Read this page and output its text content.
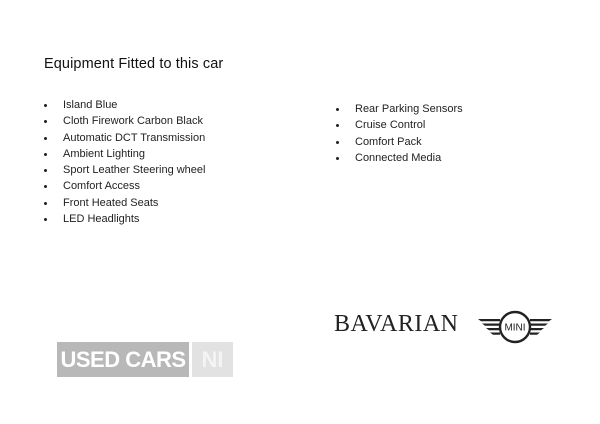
Equipment Fitted to this car
Island Blue
Cloth Firework Carbon Black
Automatic DCT Transmission
Ambient Lighting
Sport Leather Steering wheel
Comfort Access
Front Heated Seats
LED Headlights
Rear Parking Sensors
Cruise Control
Comfort Pack
Connected Media
BAVARIAN	MINI
USED CARS NI
